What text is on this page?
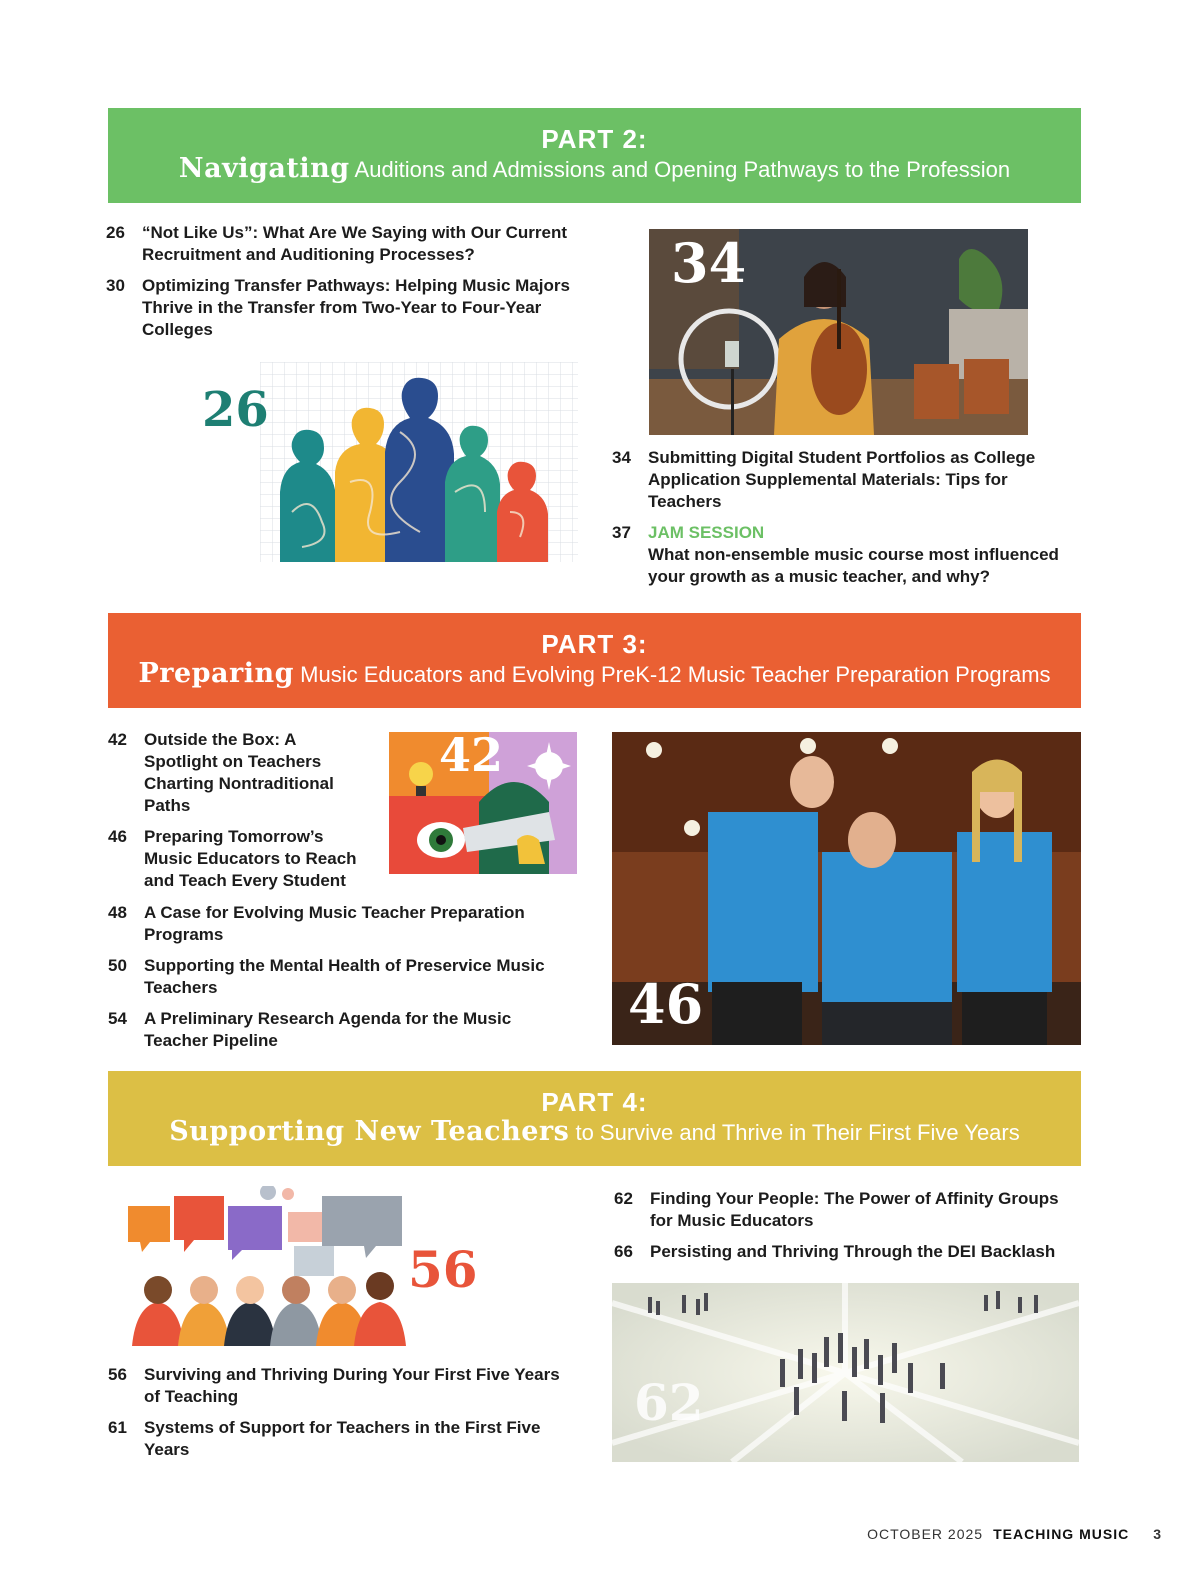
PART 2:
Navigating Auditions and Admissions and Opening Pathways to the Profession
26	“Not Like Us”: What Are We Saying with Our Current Recruitment and Auditioning Processes?
30	Optimizing Transfer Pathways: Helping Music Majors Thrive in the Transfer from Two-Year to Four-Year Colleges
26
34
34	Submitting Digital Student Portfolios as College Application Supplemental Materials: Tips for Teachers
37	JAM SESSION
What non-ensemble music course most influenced your growth as a music teacher, and why?
PART 3:
Preparing Music Educators and Evolving PreK-12 Music Teacher Preparation Programs
42	Outside the Box: A Spotlight on Teachers Charting Nontraditional Paths
46	Preparing Tomorrow’s Music Educators to Reach and Teach Every Student
48	A Case for Evolving Music Teacher Preparation Programs
50	Supporting the Mental Health of Preservice Music Teachers
54	A Preliminary Research Agenda for the Music Teacher Pipeline
42
46
PART 4:
Supporting New Teachers to Survive and Thrive in Their First Five Years
56
56	Surviving and Thriving During Your First Five Years of Teaching
61	Systems of Support for Teachers in the First Five Years
62	Finding Your People: The Power of Affinity Groups for Music Educators
66	Persisting and Thriving Through the DEI Backlash
62
OCTOBER 2025 TEACHING MUSIC 3
